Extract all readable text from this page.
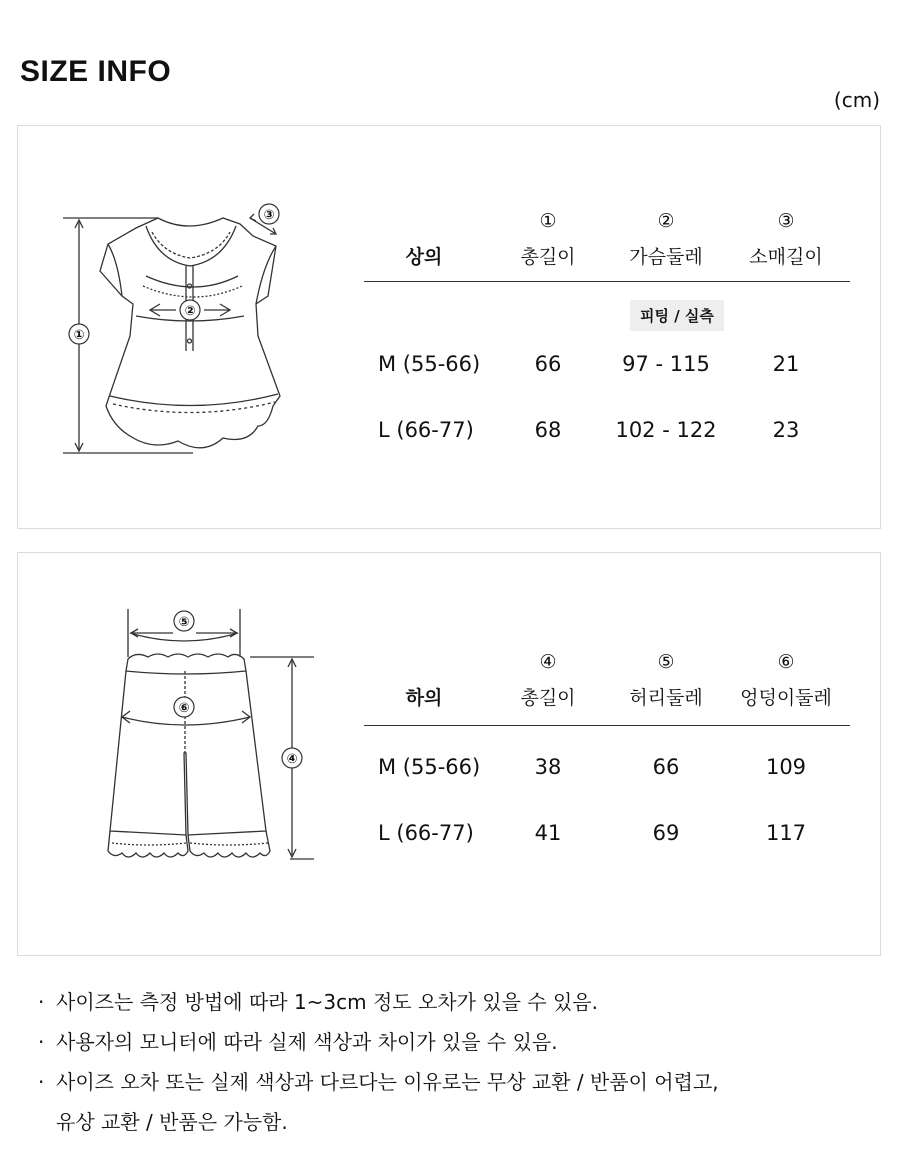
SIZE INFO
(cm)
①
②
③
상의
①	②	③
총길이	가슴둘레	소매길이
피팅 / 실측
M (55-66)	66	97 - 115	21
L (66-77)	68	102 - 122	23
⑤
⑥
④
하의
④	⑤	⑥
총길이	허리둘레	엉덩이둘레
M (55-66)	38	66	109
L (66-77)	41	69	117
· 사이즈는 측정 방법에 따라 1~3cm 정도 오차가 있을 수 있음.
· 사용자의 모니터에 따라 실제 색상과 차이가 있을 수 있음.
· 사이즈 오차 또는 실제 색상과 다르다는 이유로는 무상 교환 / 반품이 어렵고,
유상 교환 / 반품은 가능함.
